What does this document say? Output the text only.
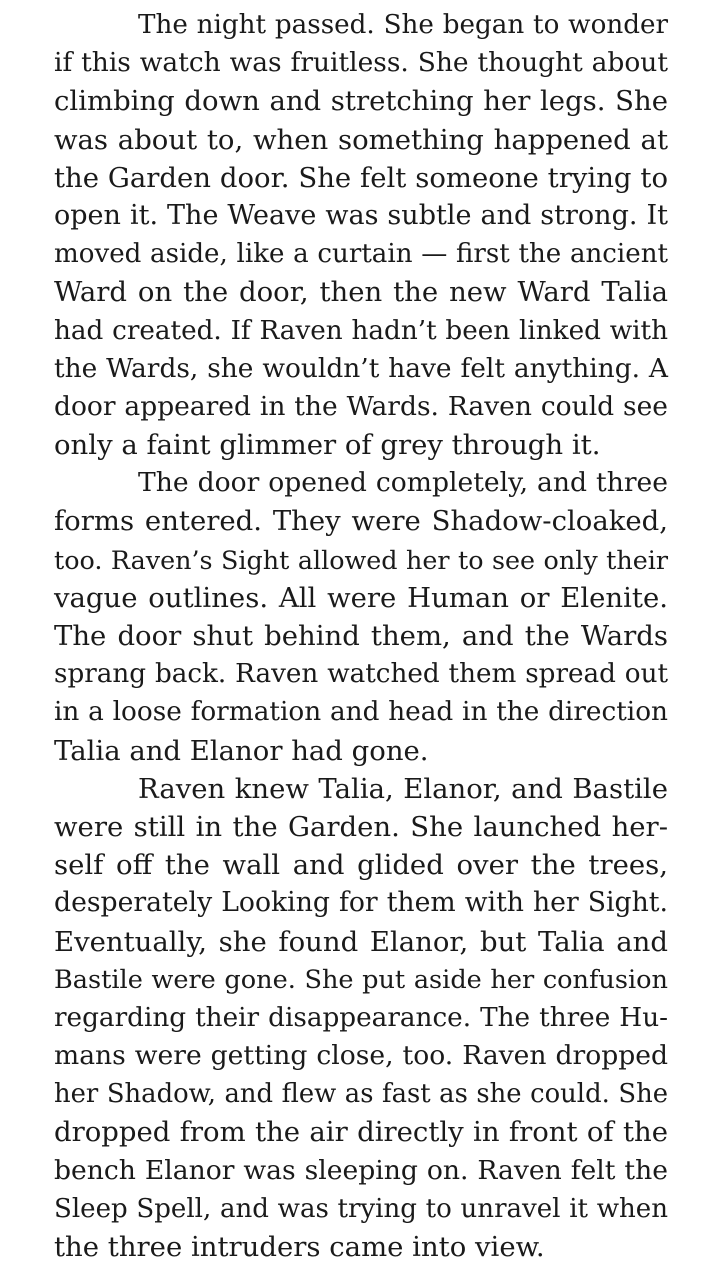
The night passed. She began to wonder
if this watch was fruitless. She thought about
climbing down and stretching her legs. She
was about to, when something happened at
the Garden door. She felt someone trying to
open it. The Weave was subtle and strong. It
moved aside, like a curtain — first the ancient
Ward on the door, then the new Ward Talia
had created. If Raven hadn’t been linked with
the Wards, she wouldn’t have felt anything. A
door appeared in the Wards. Raven could see
only a faint glimmer of grey through it.

The door opened completely, and three
forms entered. They were Shadow-cloaked,
too. Raven’s Sight allowed her to see only their
vague outlines. All were Human or Elenite.
The door shut behind them, and the Wards
sprang back. Raven watched them spread out
in a loose formation and head in the direction
Talia and Elanor had gone.

Raven knew Talia, Elanor, and Bastile
were still in the Garden. She launched her-
self off the wall and glided over the trees,
desperately Looking for them with her Sight.
Eventually, she found Elanor, but Talia and
Bastile were gone. She put aside her confusion
regarding their disappearance. The three Hu-
mans were getting close, too. Raven dropped
her Shadow, and flew as fast as she could. She
dropped from the air directly in front of the
bench Elanor was sleeping on. Raven felt the
Sleep Spell, and was trying to unravel it when
the three intruders came into view.
